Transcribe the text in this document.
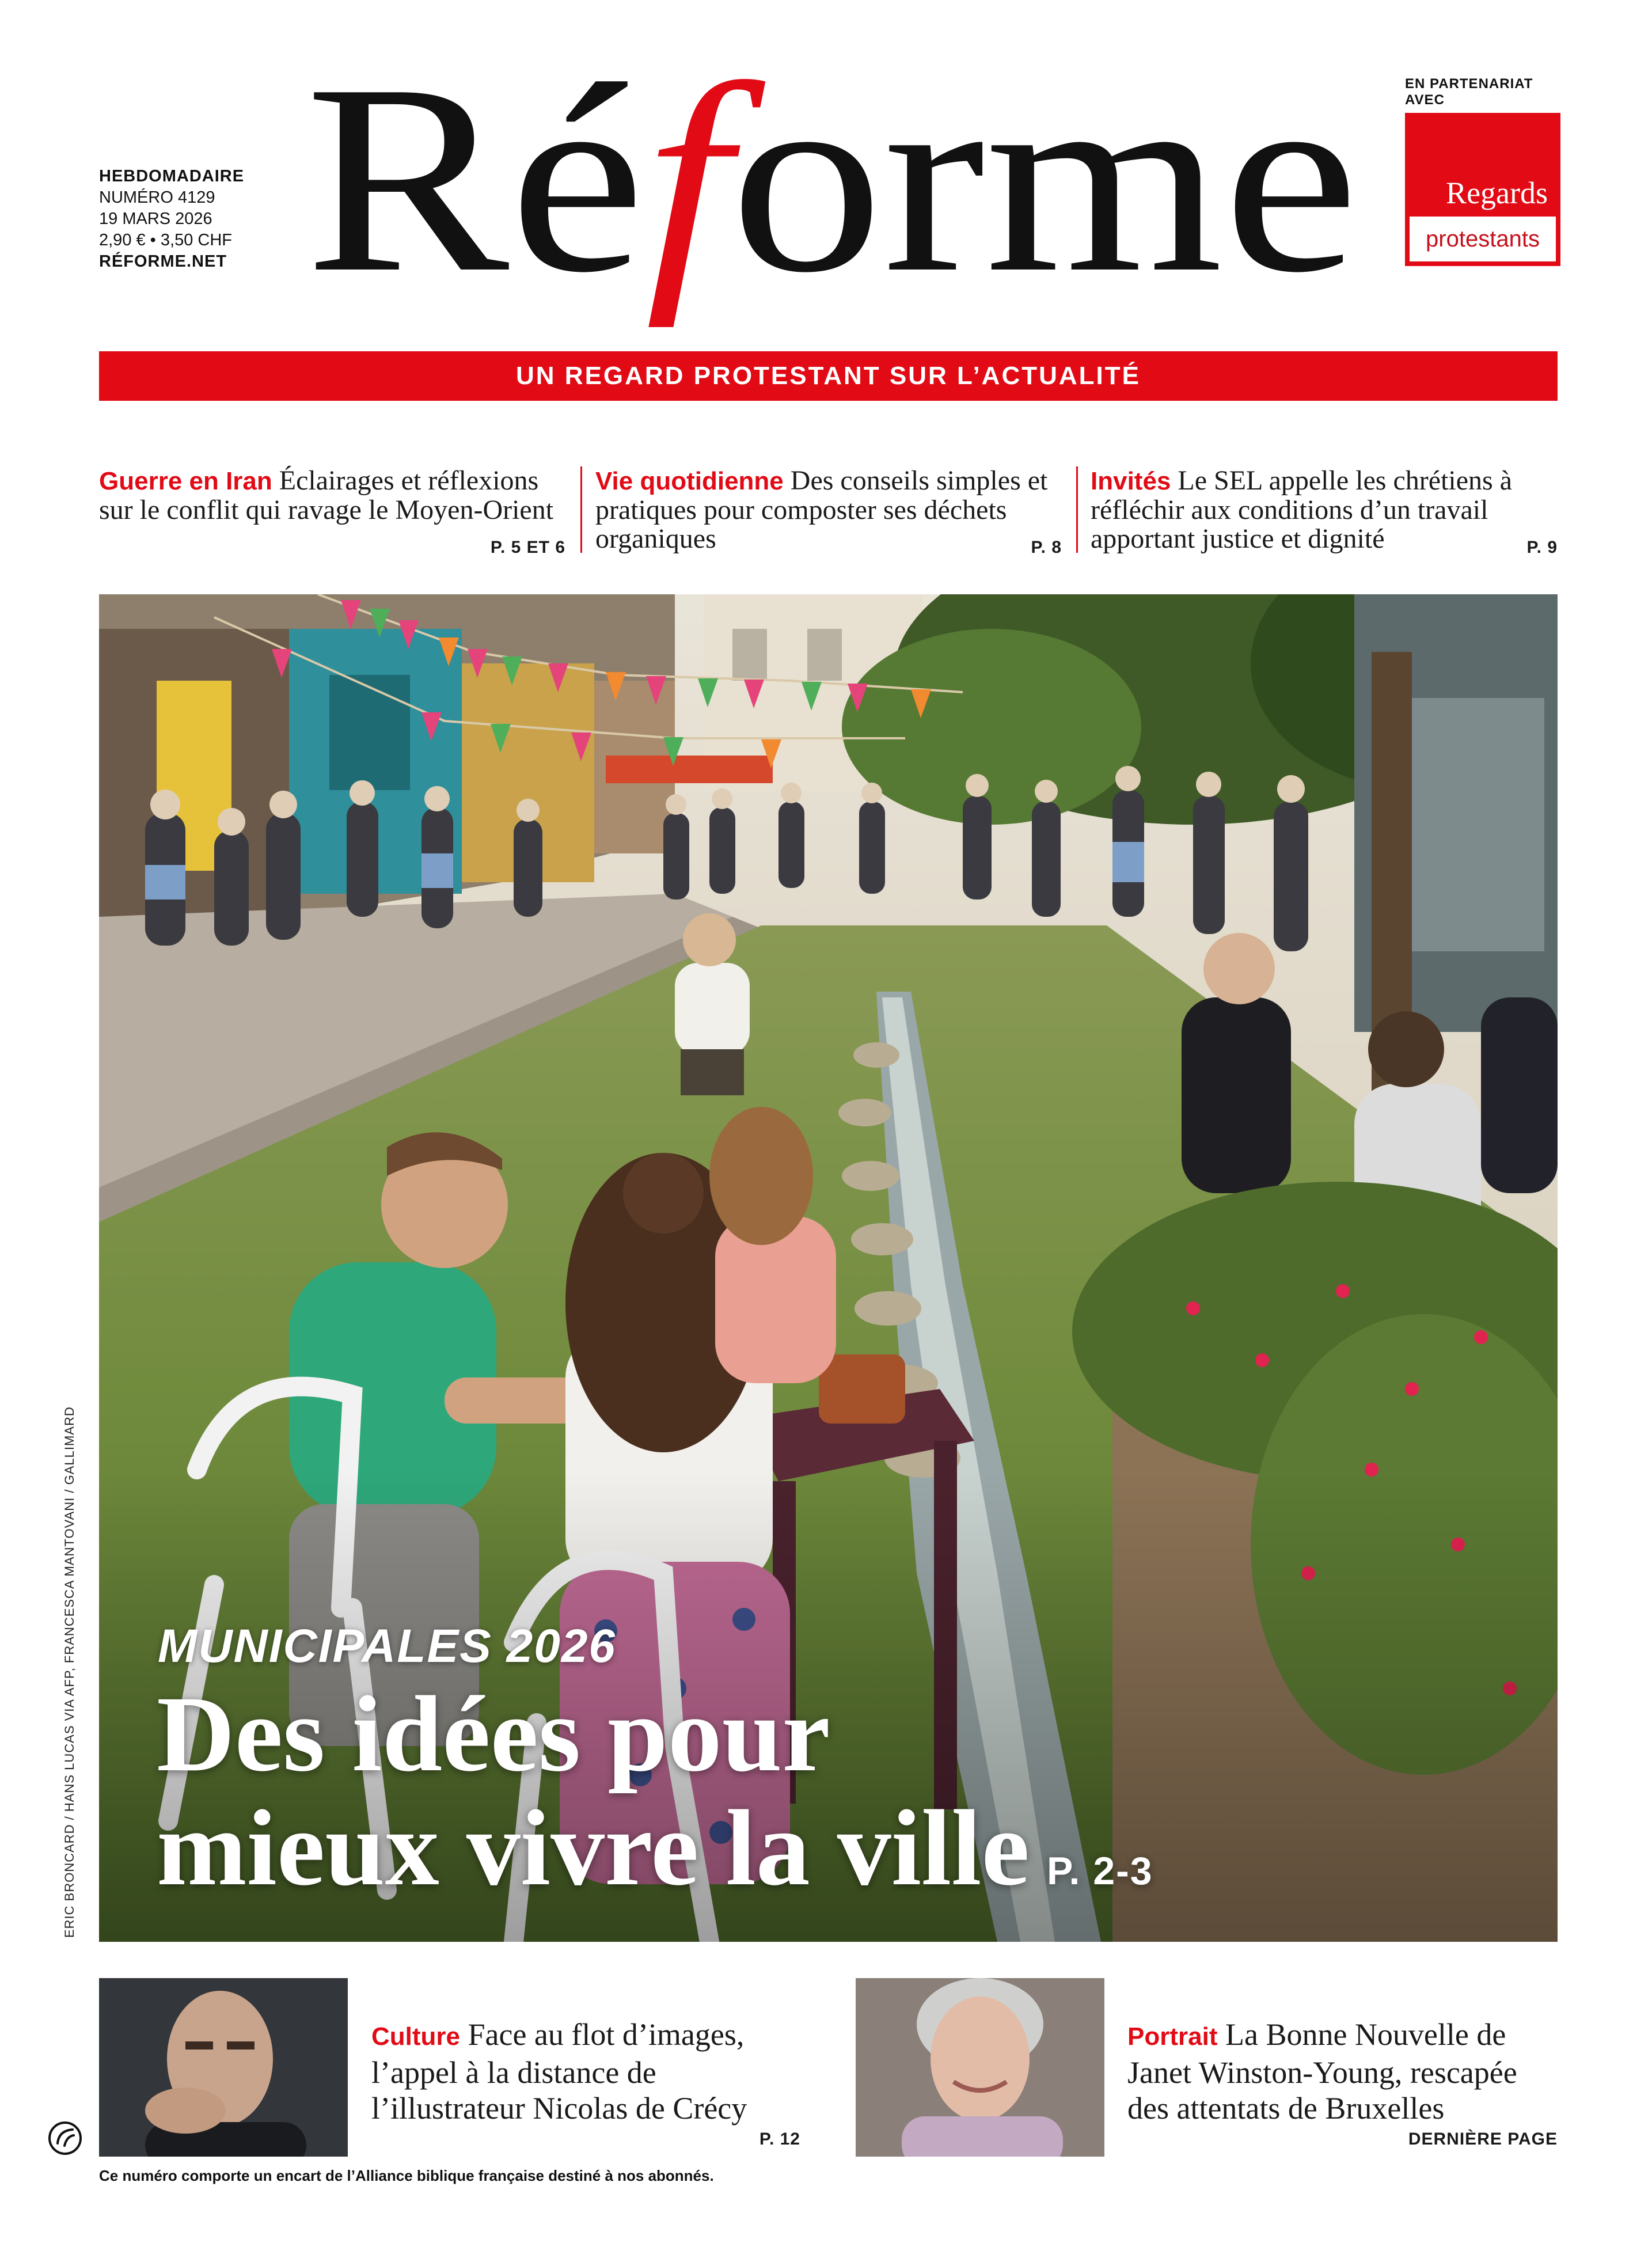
HEBDOMADAIRE
NUMÉRO 4129
19 MARS 2026
2,90 € • 3,50 CHF
RÉFORME.NET Ré forme	EN PARTENARIAT
AVEC
Regards
protestants
UN REGARD PROTESTANT SUR L’ACTUALITÉ
Guerre en Iran Éclairages et réflexions sur le conflit qui ravage le Moyen-Orient
P. 5 ET 6
Vie quotidienne Des conseils simples et pratiques pour composter ses déchets organiques	P. 8
Invités Le SEL appelle les chrétiens à réfléchir aux conditions d’un travail apportant justice et dignité	P. 9
MUNICIPALES 2026
Des idées pour
mieux vivre la ville P. 2-3
ERIC BRONCARD / HANS LUCAS VIA AFP, FRANCESCA MANTOVANI / GALLIMARD
Culture Face au flot d’images, l’appel à la distance de l’illustrateur Nicolas de Crécy
P. 12
Portrait La Bonne Nouvelle de Janet Winston-Young, rescapée des attentats de Bruxelles
DERNIÈRE PAGE
Ce numéro comporte un encart de l’Alliance biblique française destiné à nos abonnés.
